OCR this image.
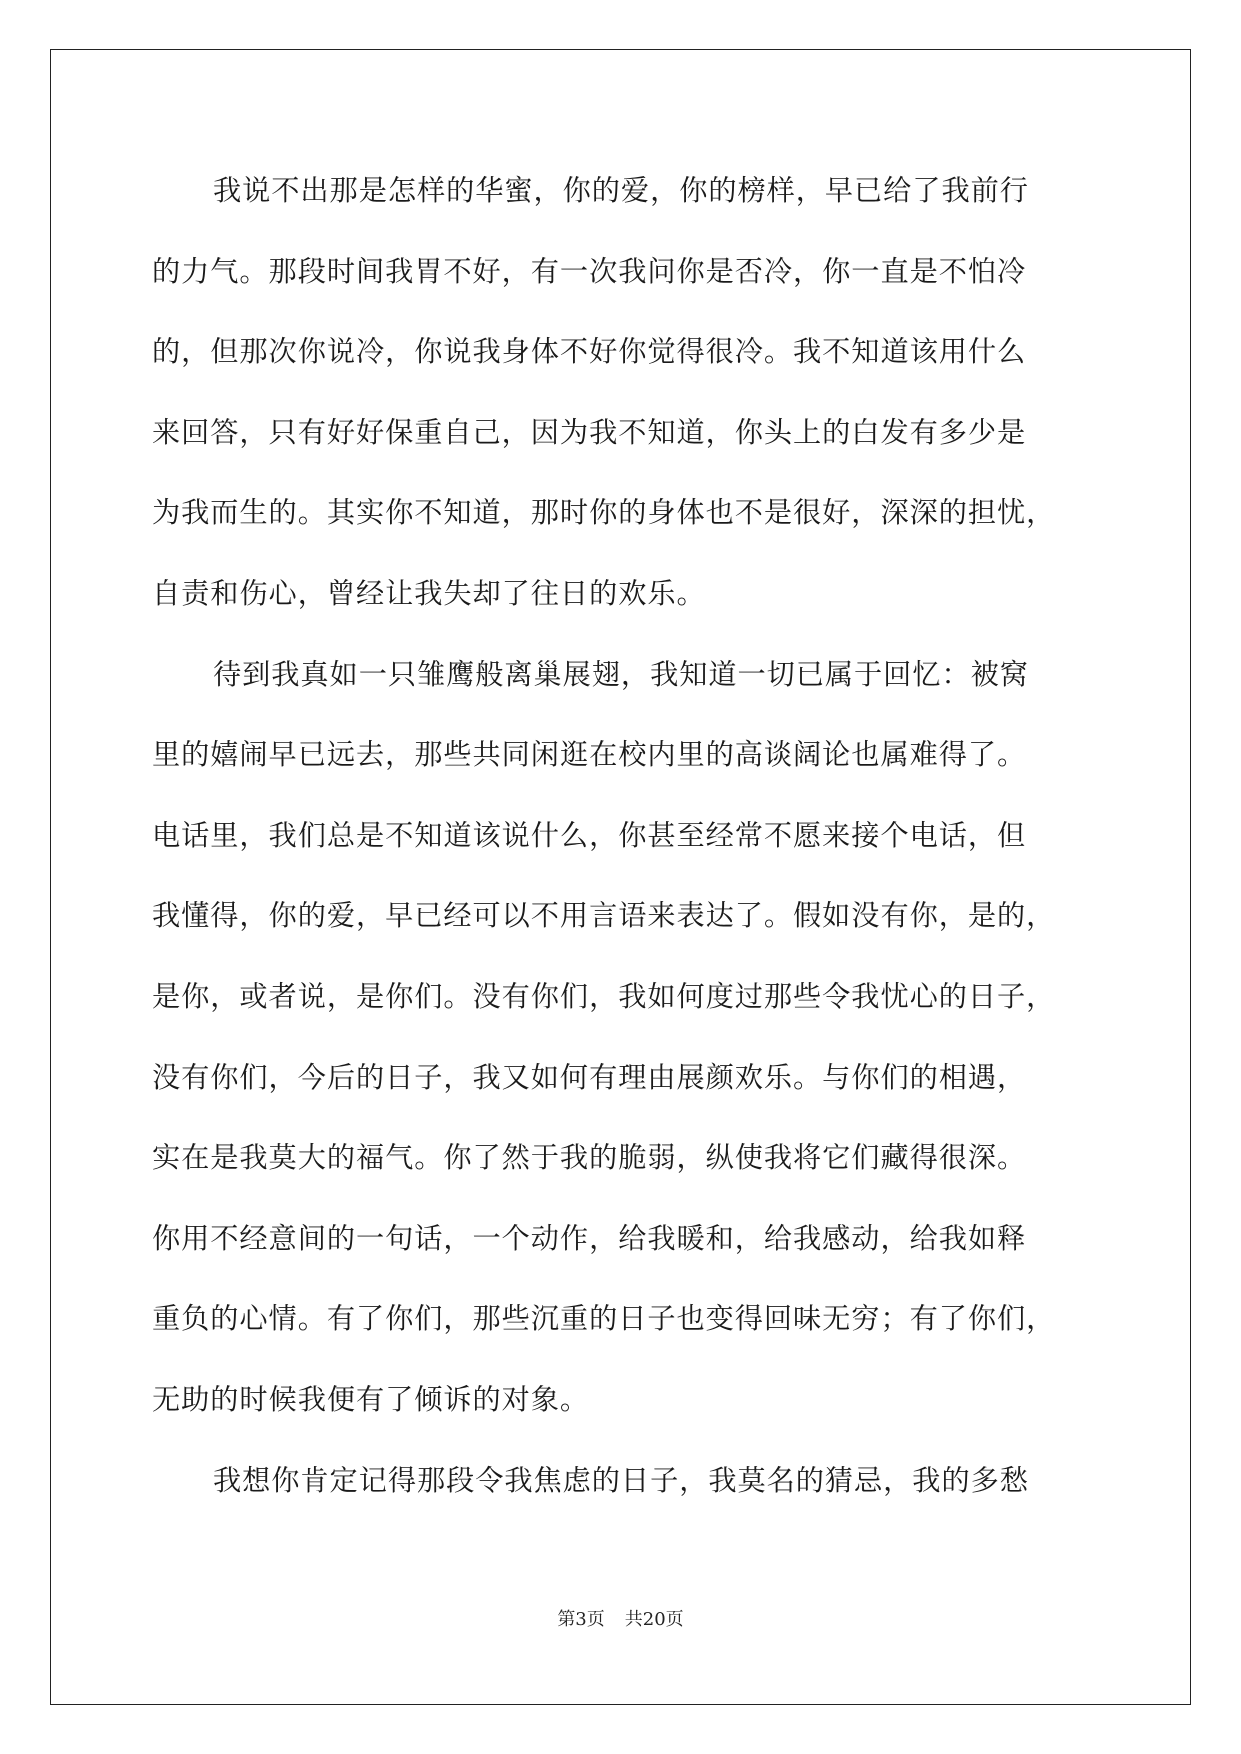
我说不出那是怎样的华蜜，你的爱，你的榜样，早已给了我前行
的力气。那段时间我胃不好，有一次我问你是否冷，你一直是不怕冷
的，但那次你说冷，你说我身体不好你觉得很冷。我不知道该用什么
来回答，只有好好保重自己，因为我不知道，你头上的白发有多少是
为我而生的。其实你不知道，那时你的身体也不是很好，深深的担忧，
自责和伤心，曾经让我失却了往日的欢乐。
待到我真如一只雏鹰般离巢展翅，我知道一切已属于回忆：被窝
里的嬉闹早已远去，那些共同闲逛在校内里的高谈阔论也属难得了。
电话里，我们总是不知道该说什么，你甚至经常不愿来接个电话，但
我懂得，你的爱，早已经可以不用言语来表达了。假如没有你，是的，
是你，或者说，是你们。没有你们，我如何度过那些令我忧心的日子，
没有你们，今后的日子，我又如何有理由展颜欢乐。与你们的相遇，
实在是我莫大的福气。你了然于我的脆弱，纵使我将它们藏得很深。
你用不经意间的一句话，一个动作，给我暖和，给我感动，给我如释
重负的心情。有了你们，那些沉重的日子也变得回味无穷；有了你们，
无助的时候我便有了倾诉的对象。
我想你肯定记得那段令我焦虑的日子，我莫名的猜忌，我的多愁
第3页 共20页
